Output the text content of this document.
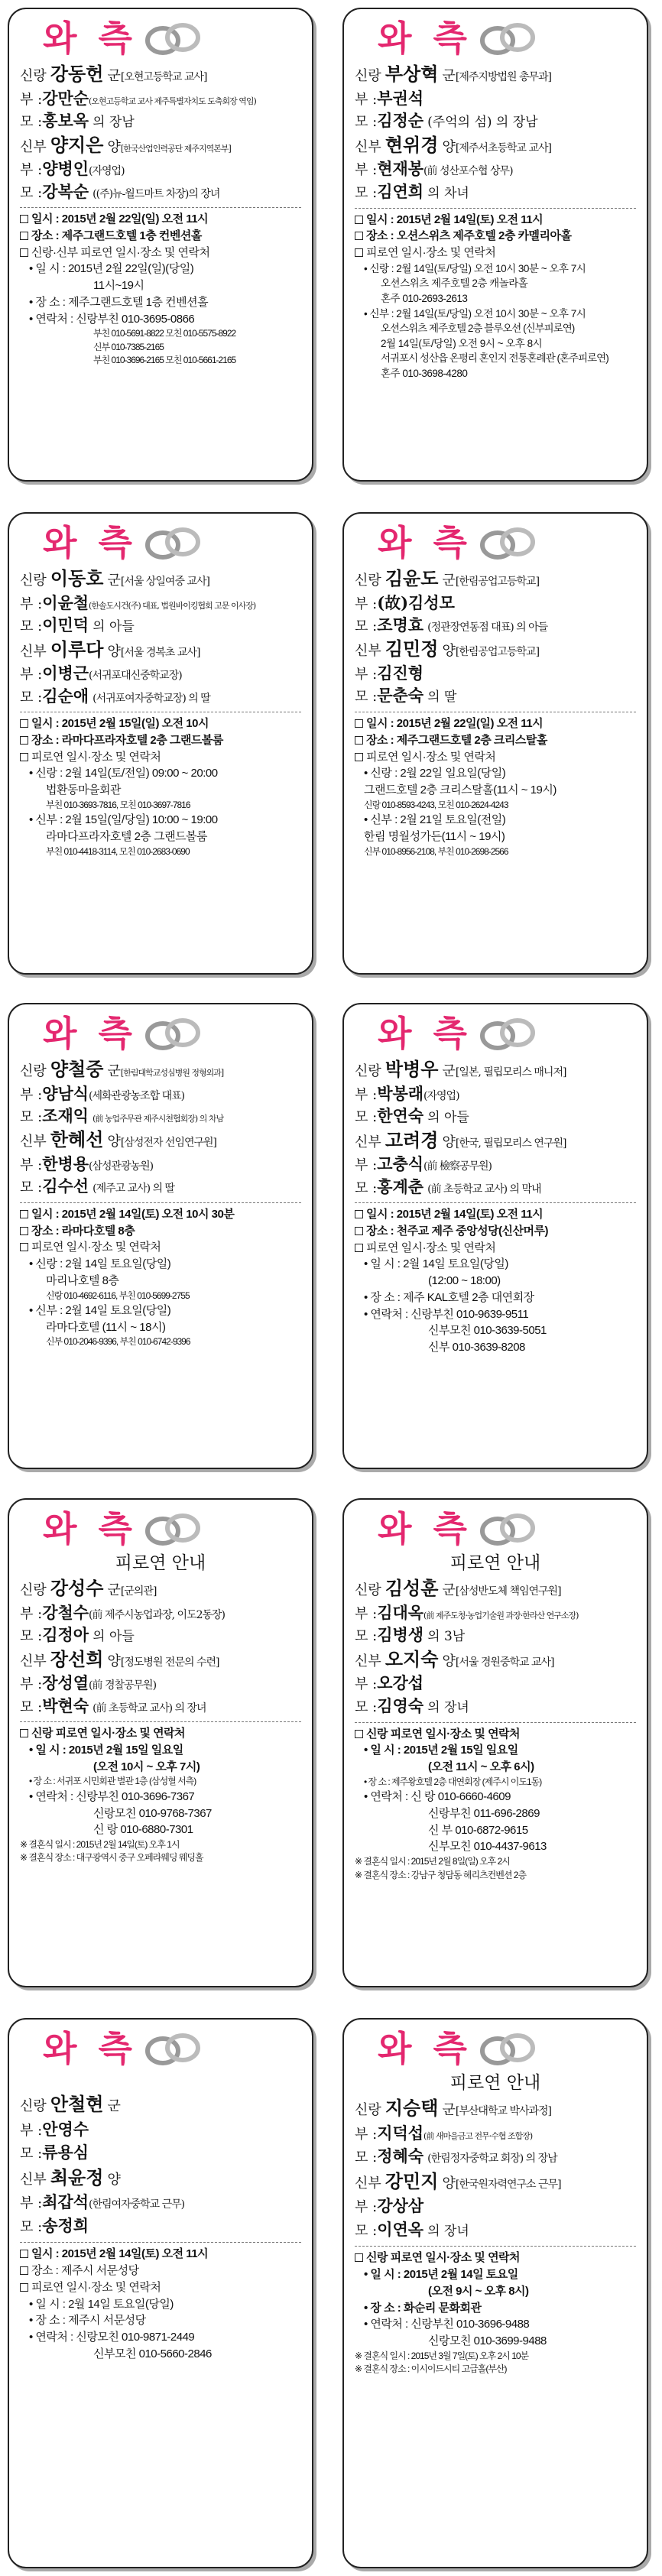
와 측
신랑 강동헌 군[오현고등학교 교사]
부 :강만순(오현고등학교 교사 제주특별자치도 도축회장 역임)
모 :홍보옥 의 장남
신부 양지은 양[한국산업인력공단 제주지역본부]
부 :양병인(자영업)
모 :강복순 ((주)뉴-월드마트 차장)의 장녀
일시 : 2015년 2월 22일(일) 오전 11시
장소 : 제주그랜드호텔 1층 컨벤션홀
신랑·신부 피로연 일시·장소 및 연락처
• 일 시 : 2015년 2월 22일(일)(당일)
11시~19시
• 장 소 : 제주그랜드호텔 1층 컨벤션홀
• 연락처 : 신랑부친 010-3695-0866
부친 010-5691-8822 모친 010-5575-8922
신부 010-7385-2165
부친 010-3696-2165 모친 010-5661-2165
와 측
신랑 부상혁 군[제주지방법원 총무과]
부 :부권석
모 :김정순 (주억의 섬) 의 장남
신부 현위경 양[제주서초등학교 교사]
부 :현재봉(前 성산포수협 상무)
모 :김연희 의 차녀
일시 : 2015년 2월 14일(토) 오전 11시
장소 : 오션스위츠 제주호텔 2층 카멜리아홀
피로연 일시·장소 및 연락처
• 신랑 : 2월 14일(토/당일) 오전 10시 30분 ~ 오후 7시
오션스위츠 제주호텔 2층 캐놀라홀
혼주 010-2693-2613
• 신부 : 2월 14일(토/당일) 오전 10시 30분 ~ 오후 7시
오션스위츠 제주호텔 2층 블루오션 (신부피로연)
2월 14일(토/당일) 오전 9시 ~ 오후 8시
서귀포시 성산읍 온평리 혼인지 전통혼례관 (혼주피로연)
혼주 010-3698-4280
와 측
신랑 이동호 군[서울 상일여중 교사]
부 :이윤철(한솔도시건(주) 대표, 법원바이킹협회 고문 이사장)
모 :이민덕 의 아들
신부 이루다 양[서울 경복초 교사]
부 :이병근(서귀포대신중학교장)
모 :김순애 (서귀포여자중학교장) 의 딸
일시 : 2015년 2월 15일(일) 오전 10시
장소 : 라마다프라자호텔 2층 그랜드볼룸
피로연 일시·장소 및 연락처
• 신랑 : 2월 14일(토/전일) 09:00 ~ 20:00
법환동마을회관
부친 010-3693-7816, 모친 010-3697-7816
• 신부 : 2월 15일(일/당일) 10:00 ~ 19:00
라마다프라자호텔 2층 그랜드볼룸
부친 010-4418-3114, 모친 010-2683-0690
와 측
신랑 김윤도 군[한림공업고등학교]
부 :(故)김성모
모 :조명효 (정관장연동점 대표) 의 아들
신부 김민정 양[한림공업고등학교]
부 :김진형
모 :문춘숙 의 딸
일시 : 2015년 2월 22일(일) 오전 11시
장소 : 제주그랜드호텔 2층 크리스탈홀
피로연 일시·장소 및 연락처
• 신랑 : 2월 22일 일요일(당일)
그랜드호텔 2층 크리스탈홀(11시 ~ 19시)
신랑 010-8593-4243, 모친 010-2624-4243
• 신부 : 2월 21일 토요일(전일)
한림 명월성가든(11시 ~ 19시)
신부 010-8956-2108, 부친 010-2698-2566
와 측
신랑 양철중 군[한림대학교성심병원 정형외과]
부 :양남식(세화관광농조합 대표)
모 :조재익 (前 농업주무관 제주시천협회장) 의 차남
신부 한혜선 양[삼성전자 선임연구원]
부 :한병용(삼성관광농원)
모 :김수선 (제주고 교사) 의 딸
일시 : 2015년 2월 14일(토) 오전 10시 30분
장소 : 라마다호텔 8층
피로연 일시·장소 및 연락처
• 신랑 : 2월 14일 토요일(당일)
마리나호텔 8층
신랑 010-4692-6116, 부친 010-5699-2755
• 신부 : 2월 14일 토요일(당일)
라마다호텔 (11시 ~ 18시)
신부 010-2046-9396, 부친 010-6742-9396
와 측
신랑 박병우 군[일본, 필립모리스 매니저]
부 :박봉래(자영업)
모 :한연숙 의 아들
신부 고려경 양[한국, 필립모리스 연구원]
부 :고충식(前 檢察공무원)
모 :홍계춘 (前 초등학교 교사) 의 막내
일시 : 2015년 2월 14일(토) 오전 11시
장소 : 천주교 제주 중앙성당(신산머루)
피로연 일시·장소 및 연락처
• 일 시 : 2월 14일 토요일(당일)
(12:00 ~ 18:00)
• 장 소 : 제주 KAL호텔 2층 대연회장
• 연락처 : 신랑부친 010-9639-9511
신부모친 010-3639-5051
신부 010-3639-8208
와 측
피로연 안내
신랑 강성수 군[군의관]
부 :강철수(前 제주시농업과장, 이도2동장)
모 :김정아 의 아들
신부 장선희 양[정도병원 전문의 수련]
부 :장성열(前 경찰공무원)
모 :박현숙 (前 초등학교 교사) 의 장녀
신랑 피로연 일시·장소 및 연락처
• 일 시 : 2015년 2월 15일 일요일
(오전 10시 ~ 오후 7시)
• 장 소 : 서귀포 시민회관 별관 1층 (삼성혈 서측)
• 연락처 : 신랑부친 010-3696-7367
신랑모친 010-9768-7367
신 랑 010-6880-7301
※ 결혼식 일시 : 2015년 2월 14일(토) 오후 1시
※ 결혼식 장소 : 대구광역시 중구 오페라웨딩 웨딩홀
와 측
피로연 안내
신랑 김성훈 군[삼성반도체 책임연구원]
부 :김대옥(前 제주도청·농업기술원 과장·한라산 연구소장)
모 :김병생 의 3남
신부 오지숙 양[서울 경원중학교 교사]
부 :오강섭
모 :김영숙 의 장녀
신랑 피로연 일시·장소 및 연락처
• 일 시 : 2015년 2월 15일 일요일
(오전 11시 ~ 오후 6시)
• 장 소 : 제주왕호텔 2층 대연회장 (제주시 이도1동)
• 연락처 : 신 랑 010-6660-4609
신랑부친 011-696-2869
신 부 010-6872-9615
신부모친 010-4437-9613
※ 결혼식 일시 : 2015년 2월 8일(일) 오후 2시
※ 결혼식 장소 : 강남구 청담동 헤리츠컨벤션 2층
와 측
신랑 안철현 군
부 :안영수
모 :류용심
신부 최윤정 양
부 :최갑석(한림여자중학교 근무)
모 :송정희
일시 : 2015년 2월 14일(토) 오전 11시
장소 : 제주시 서문성당
피로연 일시·장소 및 연락처
• 일 시 : 2월 14일 토요일(당일)
• 장 소 : 제주시 서문성당
• 연락처 : 신랑모친 010-9871-2449
신부모친 010-5660-2846
와 측
피로연 안내
신랑 지승택 군[부산대학교 박사과정]
부 :지덕섭(前 새마을금고 전무·수협 조합장)
모 :정혜숙 (한림정자중학교 회장) 의 장남
신부 강민지 양[한국원자력연구소 근무]
부 :강상삼
모 :이연옥 의 장녀
신랑 피로연 일시·장소 및 연락처
• 일 시 : 2015년 2월 14일 토요일
(오전 9시 ~ 오후 8시)
• 장 소 : 화순리 문화회관
• 연락처 : 신랑부친 010-3696-9488
신랑모친 010-3699-9488
※ 결혼식 일시 : 2015년 3월 7일(토) 오후 2시 10분
※ 결혼식 장소 : 이시이드시티 고급홀(부산)
